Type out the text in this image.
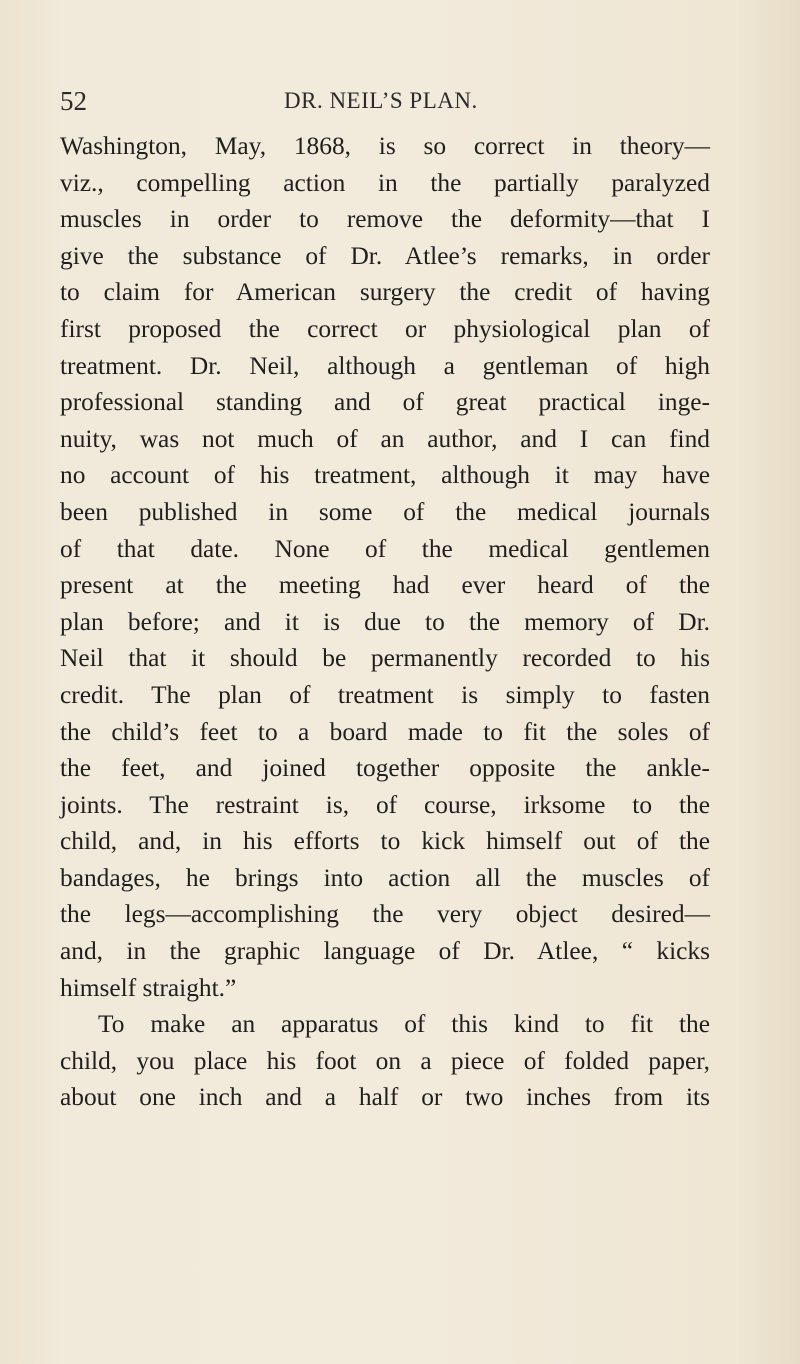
52	DR. NEIL’S PLAN.
Washington, May, 1868, is so correct in theory—
viz., compelling action in the partially paralyzed
muscles in order to remove the deformity—that I
give the substance of Dr. Atlee’s remarks, in order
to claim for American surgery the credit of having
first proposed the correct or physiological plan of
treatment. Dr. Neil, although a gentleman of high
professional standing and of great practical inge-
nuity, was not much of an author, and I can find
no account of his treatment, although it may have
been published in some of the medical journals
of that date. None of the medical gentlemen
present at the meeting had ever heard of the
plan before; and it is due to the memory of Dr.
Neil that it should be permanently recorded to his
credit. The plan of treatment is simply to fasten
the child’s feet to a board made to fit the soles of
the feet, and joined together opposite the ankle-
joints. The restraint is, of course, irksome to the
child, and, in his efforts to kick himself out of the
bandages, he brings into action all the muscles of
the legs—accomplishing the very object desired—
and, in the graphic language of Dr. Atlee, “ kicks
himself straight.”
To make an apparatus of this kind to fit the
child, you place his foot on a piece of folded paper,
about one inch and a half or two inches from its
